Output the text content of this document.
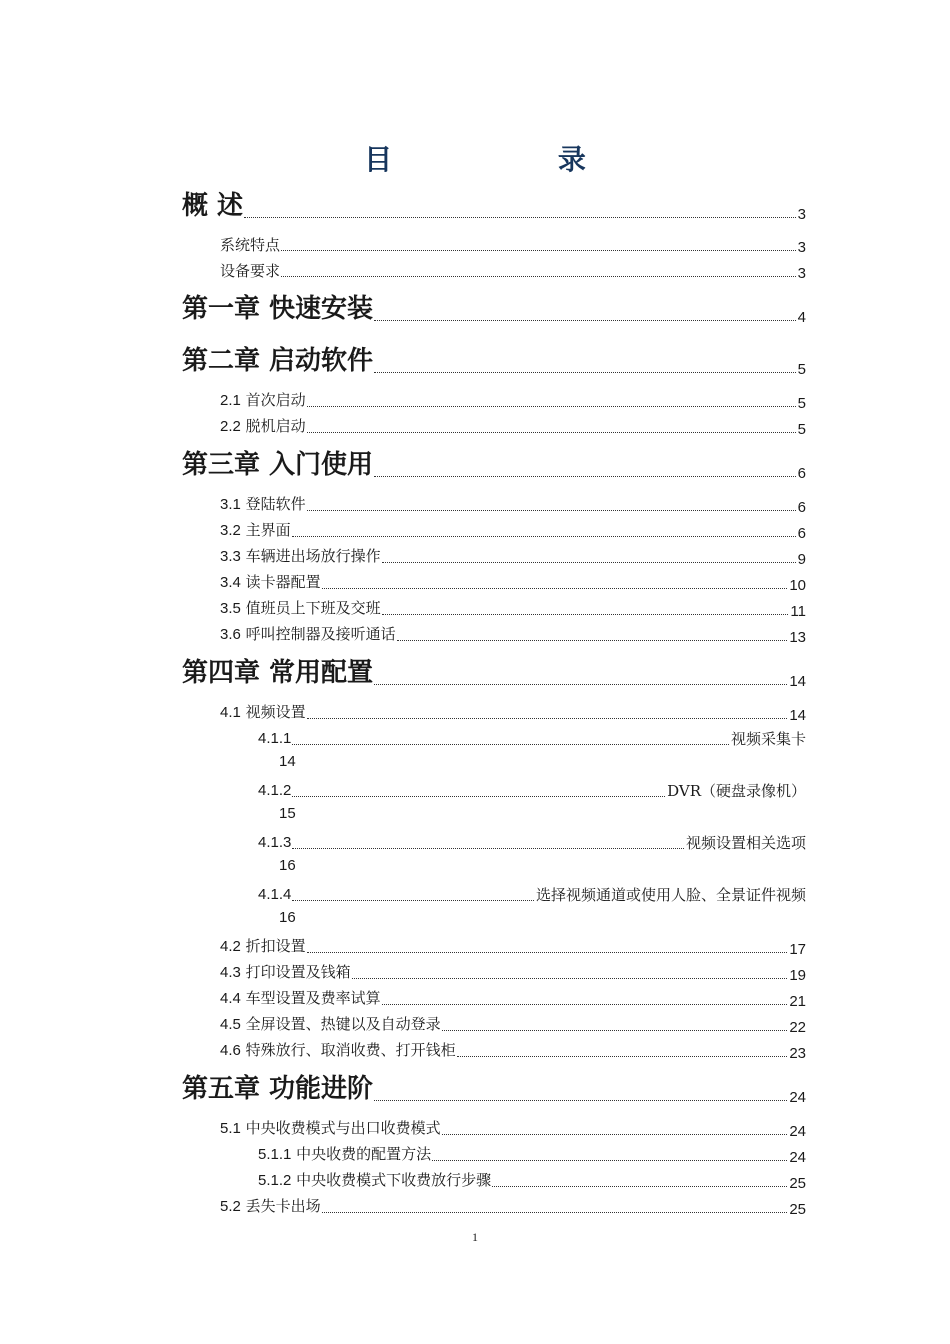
目 录
概 述	3
系统特点	3
设备要求	3
第一章 快速安装	4
第二章 启动软件	5
2.1 首次启动	5
2.2 脱机启动	5
第三章 入门使用	6
3.1 登陆软件	6
3.2 主界面	6
3.3 车辆进出场放行操作	9
3.4 读卡器配置	10
3.5 值班员上下班及交班	11
3.6 呼叫控制器及接听通话	13
第四章 常用配置	14
4.1 视频设置	14
4.1.1	视频采集卡
14
4.1.2	DVR（硬盘录像机）
15
4.1.3	视频设置相关选项
16
4.1.4	选择视频通道或使用人脸、全景证件视频
16
4.2 折扣设置	17
4.3 打印设置及钱箱	19
4.4 车型设置及费率试算	21
4.5 全屏设置、热键以及自动登录	22
4.6 特殊放行、取消收费、打开钱柜	23
第五章 功能进阶	24
5.1 中央收费模式与出口收费模式	24
5.1.1 中央收费的配置方法	24
5.1.2 中央收费模式下收费放行步骤	25
5.2 丢失卡出场	25
1
